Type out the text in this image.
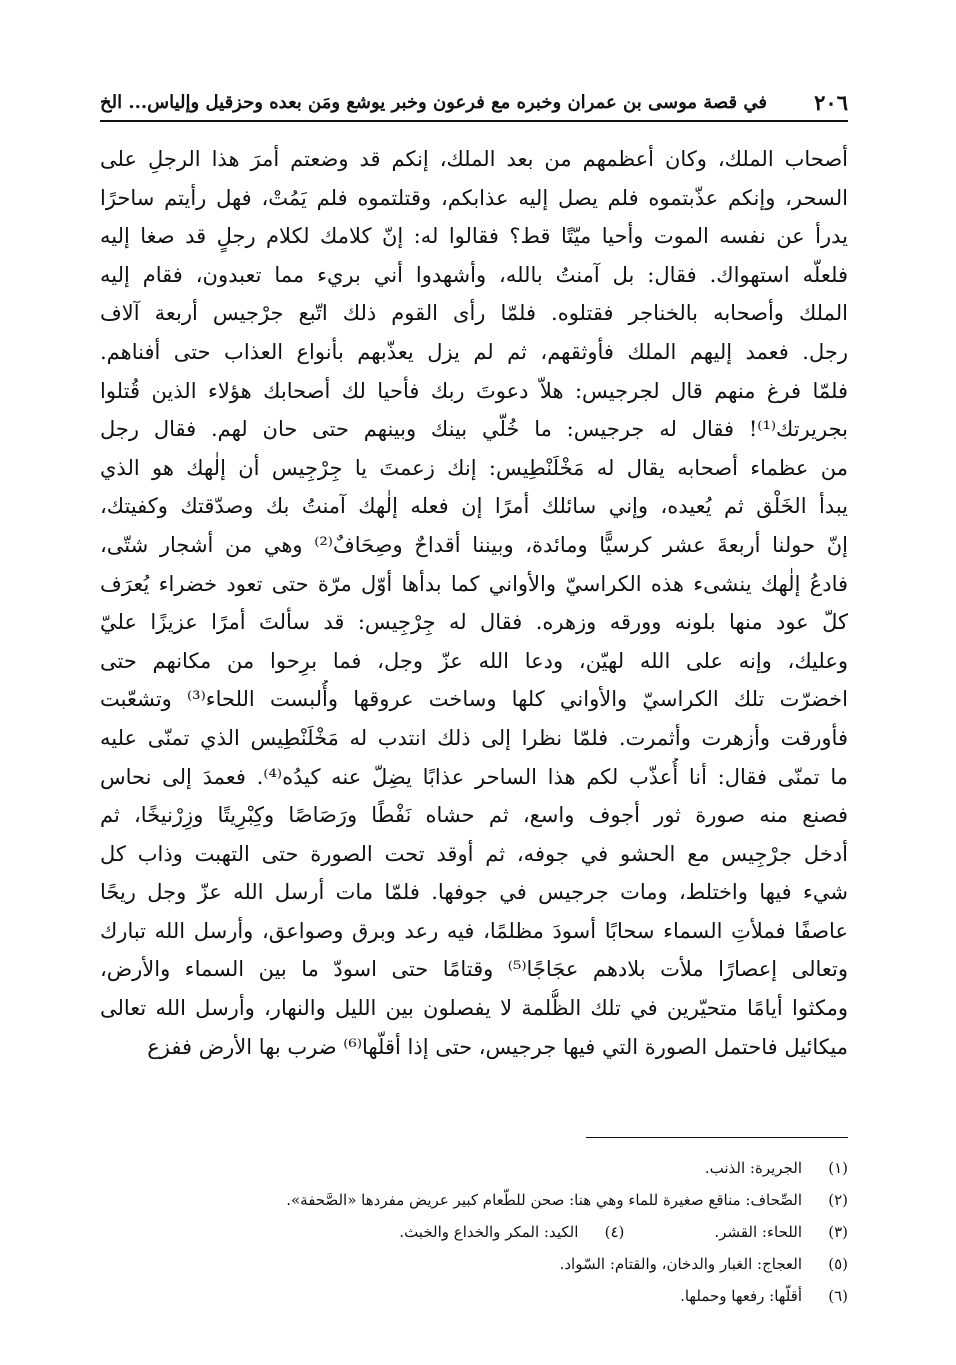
٢٠٦
في قصة موسى بن عمران وخبره مع فرعون وخبر يوشع ومَن بعده وحزقيل وإلياس... الخ
أصحاب الملك، وكان أعظمهم من بعد الملك، إنكم قد وضعتم أمرَ هذا الرجلِ على
السحر، وإنكم عذّبتموه فلم يصل إليه عذابكم، وقتلتموه فلم يَمُتْ، فهل رأيتم ساحرًا
يدرأ عن نفسه الموت وأحيا ميّتًا قط؟ فقالوا له: إنّ كلامك لكلام رجلٍ قد صغا إليه
فلعلّه استهواك. فقال: بل آمنتُ بالله، وأشهدوا أني بريء مما تعبدون، فقام إليه
الملك وأصحابه بالخناجر فقتلوه. فلمّا رأى القوم ذلك اتّبع جرْجيس أربعة آلاف
رجل. فعمد إليهم الملك فأوثقهم، ثم لم يزل يعذّبهم بأنواع العذاب حتى أفناهم.
فلمّا فرغ منهم قال لجرجيس: هلاّ دعوتَ ربك فأحيا لك أصحابك هؤلاء الذين قُتلوا
بجريرتك⁽¹⁾! فقال له جرجيس: ما خُلّي بينك وبينهم حتى حان لهم. فقال رجل
من عظماء أصحابه يقال له مَخْلَنْطِيس: إنك زعمتَ يا جِرْجِيس أن إلٰهك هو الذي
يبدأ الخَلْق ثم يُعيده، وإني سائلك أمرًا إن فعله إلٰهك آمنتُ بك وصدّقتك وكفيتك،
إنّ حولنا أربعةَ عشر كرسيًّا ومائدة، وبيننا أقداحٌ وصِحَافٌ⁽²⁾ وهي من أشجار شتّى،
فادعُ إلٰهك ينشىء هذه الكراسيّ والأواني كما بدأها أوّل مرّة حتى تعود خضراء يُعرَف
كلّ عود منها بلونه وورقه وزهره. فقال له جِرْجِيس: قد سألتَ أمرًا عزيزًا عليّ
وعليك، وإنه على الله لهيّن، ودعا الله عزّ وجل، فما برِحوا من مكانهم حتى
اخضرّت تلك الكراسيّ والأواني كلها وساخت عروقها وأُلبست اللحاء⁽³⁾ وتشعّبت
فأورقت وأزهرت وأثمرت. فلمّا نظرا إلى ذلك انتدب له مَخْلَنْطِيس الذي تمنّى عليه
ما تمنّى فقال: أنا أُعذّب لكم هذا الساحر عذابًا يضِلّ عنه كيدُه⁽⁴⁾. فعمدَ إلى نحاس
فصنع منه صورة ثور أجوف واسع، ثم حشاه نَفْطًا ورَصَاصًا وكِبْرِيتًا وزِرْنيخًا، ثم
أدخل جرْجِيس مع الحشو في جوفه، ثم أوقد تحت الصورة حتى التهبت وذاب كل
شيء فيها واختلط، ومات جرجيس في جوفها. فلمّا مات أرسل الله عزّ وجل ريحًا
عاصفًا فملأتِ السماء سحابًا أسودَ مظلمًا، فيه رعد وبرق وصواعق، وأرسل الله تبارك
وتعالى إعصارًا ملأت بلادهم عجَاجًا⁽⁵⁾ وقتامًا حتى اسودّ ما بين السماء والأرض،
ومكثوا أيامًا متحيّرين في تلك الظُّلمة لا يفصلون بين الليل والنهار، وأرسل الله تعالى
ميكائيل فاحتمل الصورة التي فيها جرجيس، حتى إذا أقلّها⁽⁶⁾ ضرب بها الأرض ففزع
(١)
الجريرة: الذنب.
(٢)
الصِّحاف: مناقع صغيرة للماء وهي هنا: صحن للطّعام كبير عريض مفردها «الصَّحفة».
(٣)
اللحاء: القشر.
(٤)
الكيد: المكر والخداع والخبث.
(٥)
العجاج: الغبار والدخان، والقتام: السّواد.
(٦)
أقلّها: رفعها وحملها.
